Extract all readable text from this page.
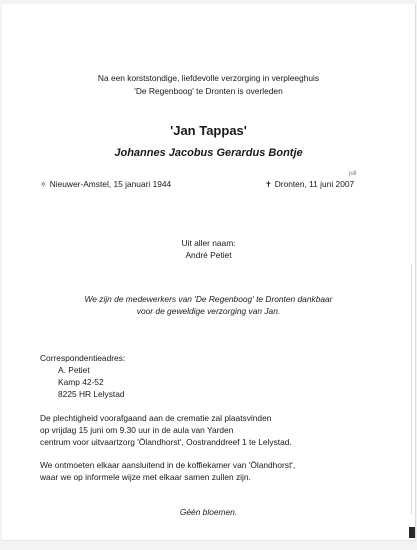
Na een korststondige, liefdevolle verzorging in verpleeghuis
'De Regenboog' te Dronten is overleden
'Jan Tappas'
Johannes Jacobus Gerardus Bontje
✧ Nieuwer-Amstel, 15 januari 1944
juli
✝ Dronten, 11 juni 2007
Uit aller naam:
André Petiet
We zijn de medewerkers van 'De Regenboog' te Dronten dankbaar
voor de geweldige verzorging van Jan.
Correspondentieadres:
A. Petiet
Kamp 42-52
8225 HR Lelystad
De plechtigheid voorafgaand aan de crematie zal plaatsvinden
op vrijdag 15 juni om 9.30 uur in de aula van Yarden
centrum voor uitvaartzorg 'Ölandhorst', Oostranddreef 1 te Lelystad.
We ontmoeten elkaar aansluitend in de koffiekamer van 'Ölandhorst',
waar we op informele wijze met elkaar samen zullen zijn.
Géén bloemen.
